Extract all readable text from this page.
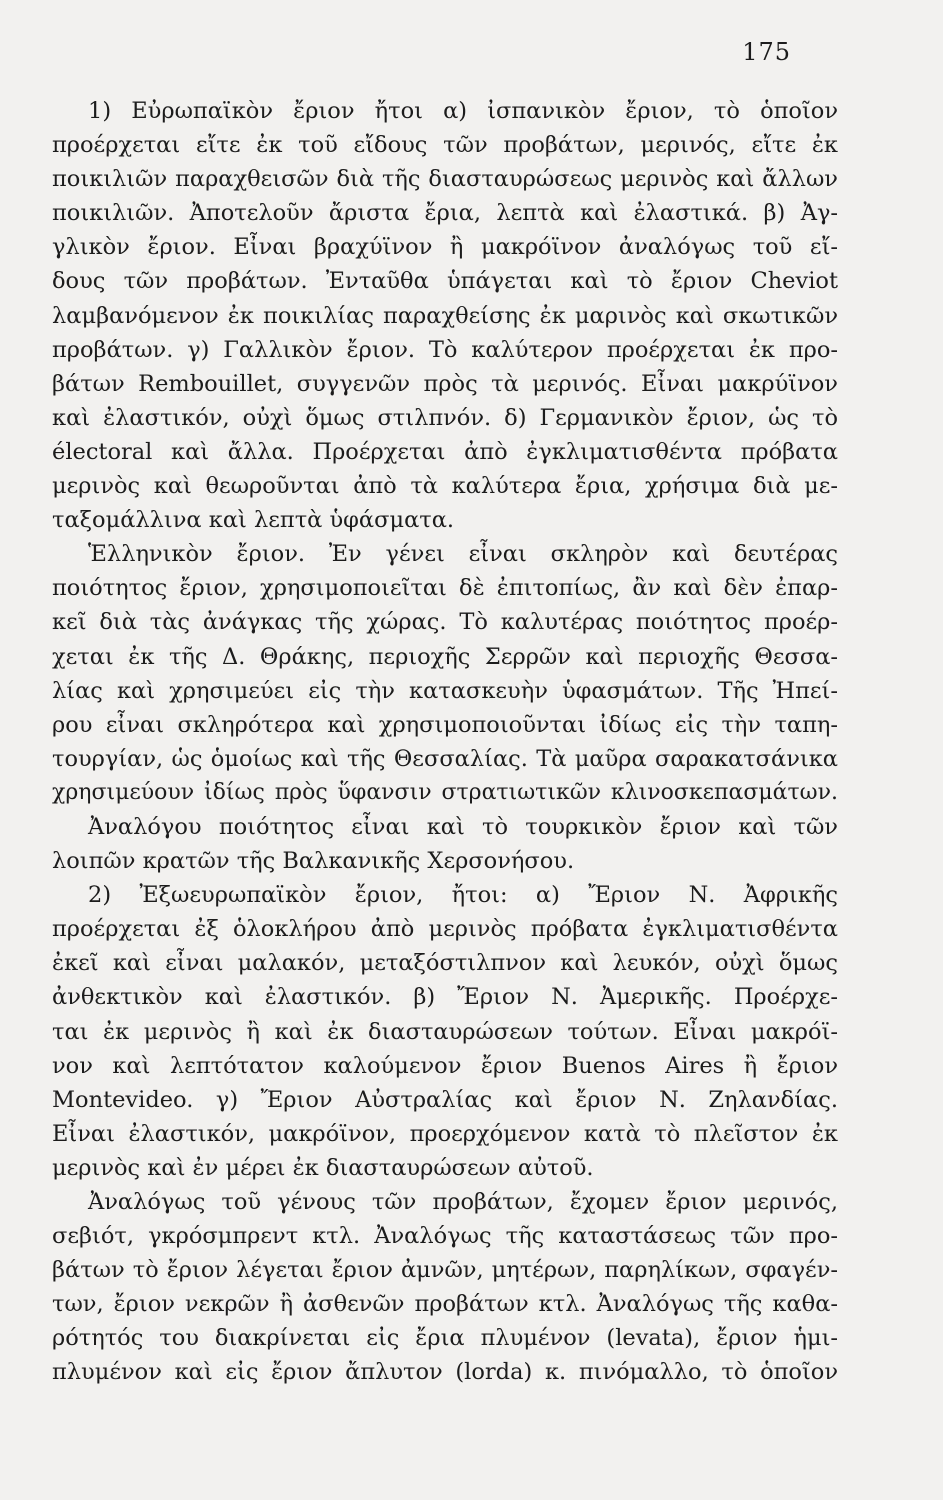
175
1) Εὐρωπαϊκὸν ἔριον ἤτοι α) ἰσπανικὸν ἔριον, τὸ ὁποῖον
προέρχεται εἴτε ἐκ τοῦ εἴδους τῶν προβάτων, μερινός, εἴτε ἐκ
ποικιλιῶν παραχθεισῶν διὰ τῆς διασταυρώσεως μερινὸς καὶ ἄλλων
ποικιλιῶν. Ἀποτελοῦν ἄριστα ἔρια, λεπτὰ καὶ ἐλαστικά. β) Ἀγ-
γλικὸν ἔριον. Εἶναι βραχύϊνον ἢ μακρόϊνον ἀναλόγως τοῦ εἴ-
δους τῶν προβάτων. Ἐνταῦθα ὑπάγεται καὶ τὸ ἔριον Cheviot
λαμβανόμενον ἐκ ποικιλίας παραχθείσης ἐκ μαρινὸς καὶ σκωτικῶν
προβάτων. γ) Γαλλικὸν ἔριον. Τὸ καλύτερον προέρχεται ἐκ προ-
βάτων Rembouillet, συγγενῶν πρὸς τὰ μερινός. Εἶναι μακρύϊνον
καὶ ἐλαστικόν, οὐχὶ ὅμως στιλπνόν. δ) Γερμανικὸν ἔριον, ὡς τὸ
électoral καὶ ἄλλα. Προέρχεται ἀπὸ ἐγκλιματισθέντα πρόβατα
μερινὸς καὶ θεωροῦνται ἀπὸ τὰ καλύτερα ἔρια, χρήσιμα διὰ με-
ταξομάλλινα καὶ λεπτὰ ὑφάσματα.
Ἑλληνικὸν ἔριον. Ἐν γένει εἶναι σκληρὸν καὶ δευτέρας
ποιότητος ἔριον, χρησιμοποιεῖται δὲ ἐπιτοπίως, ἂν καὶ δὲν ἐπαρ-
κεῖ διὰ τὰς ἀνάγκας τῆς χώρας. Τὸ καλυτέρας ποιότητος προέρ-
χεται ἐκ τῆς Δ. Θράκης, περιοχῆς Σερρῶν καὶ περιοχῆς Θεσσα-
λίας καὶ χρησιμεύει εἰς τὴν κατασκευὴν ὑφασμάτων. Τῆς Ἠπεί-
ρου εἶναι σκληρότερα καὶ χρησιμοποιοῦνται ἰδίως εἰς τὴν ταπη-
τουργίαν, ὡς ὁμοίως καὶ τῆς Θεσσαλίας. Τὰ μαῦρα σαρακατσάνικα
χρησιμεύουν ἰδίως πρὸς ὕφανσιν στρατιωτικῶν κλινοσκεπασμάτων.
Ἀναλόγου ποιότητος εἶναι καὶ τὸ τουρκικὸν ἔριον καὶ τῶν
λοιπῶν κρατῶν τῆς Βαλκανικῆς Χερσονήσου.
2) Ἐξωευρωπαϊκὸν ἔριον, ἤτοι: α) Ἔριον Ν. Ἀφρικῆς
προέρχεται ἐξ ὁλοκλήρου ἀπὸ μερινὸς πρόβατα ἐγκλιματισθέντα
ἐκεῖ καὶ εἶναι μαλακόν, μεταξόστιλπνον καὶ λευκόν, οὐχὶ ὅμως
ἀνθεκτικὸν καὶ ἐλαστικόν. β) Ἔριον Ν. Ἀμερικῆς. Προέρχε-
ται ἐκ μερινὸς ἢ καὶ ἐκ διασταυρώσεων τούτων. Εἶναι μακρόϊ-
νον καὶ λεπτότατον καλούμενον ἔριον Buenos Aires ἢ ἔριον
Montevideo. γ) Ἔριον Αὐστραλίας καὶ ἔριον Ν. Ζηλανδίας.
Εἶναι ἐλαστικόν, μακρόϊνον, προερχόμενον κατὰ τὸ πλεῖστον ἐκ
μερινὸς καὶ ἐν μέρει ἐκ διασταυρώσεων αὐτοῦ.
Ἀναλόγως τοῦ γένους τῶν προβάτων, ἔχομεν ἔριον μερινός,
σεβιότ, γκρόσμπρεντ κτλ. Ἀναλόγως τῆς καταστάσεως τῶν προ-
βάτων τὸ ἔριον λέγεται ἔριον ἀμνῶν, μητέρων, παρηλίκων, σφαγέν-
των, ἔριον νεκρῶν ἢ ἀσθενῶν προβάτων κτλ. Ἀναλόγως τῆς καθα-
ρότητός του διακρίνεται εἰς ἔρια πλυμένον (levata), ἔριον ἡμι-
πλυμένον καὶ εἰς ἔριον ἄπλυτον (lorda) κ. πινόμαλλο, τὸ ὁποῖον
